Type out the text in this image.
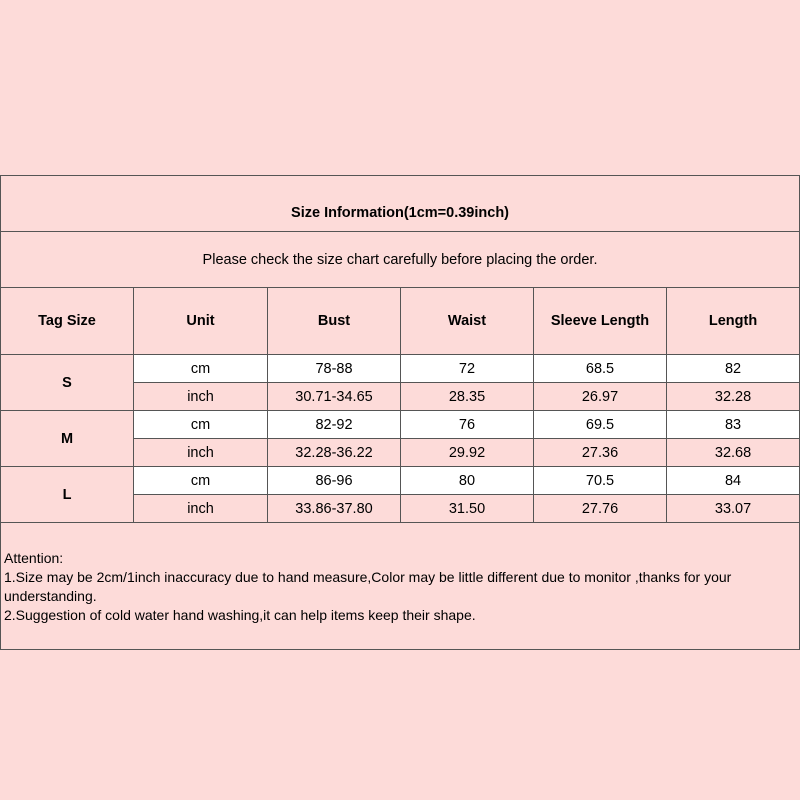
Size Information(1cm=0.39inch)					
Please check the size chart carefully before placing the order.					
Tag Size	Unit	Bust	Waist	Sleeve Length	Length
S	cm	78-88	72	68.5	82
	inch	30.71-34.65	28.35	26.97	32.28
M	cm	82-92	76	69.5	83
	inch	32.28-36.22	29.92	27.36	32.68
L	cm	86-96	80	70.5	84
	inch	33.86-37.80	31.50	27.76	33.07

Attention:
1.Size may be 2cm/1inch inaccuracy due to hand measure,Color may be little different due to monitor ,thanks for your understanding.
2.Suggestion of cold water hand washing,it can help items keep their shape.					
